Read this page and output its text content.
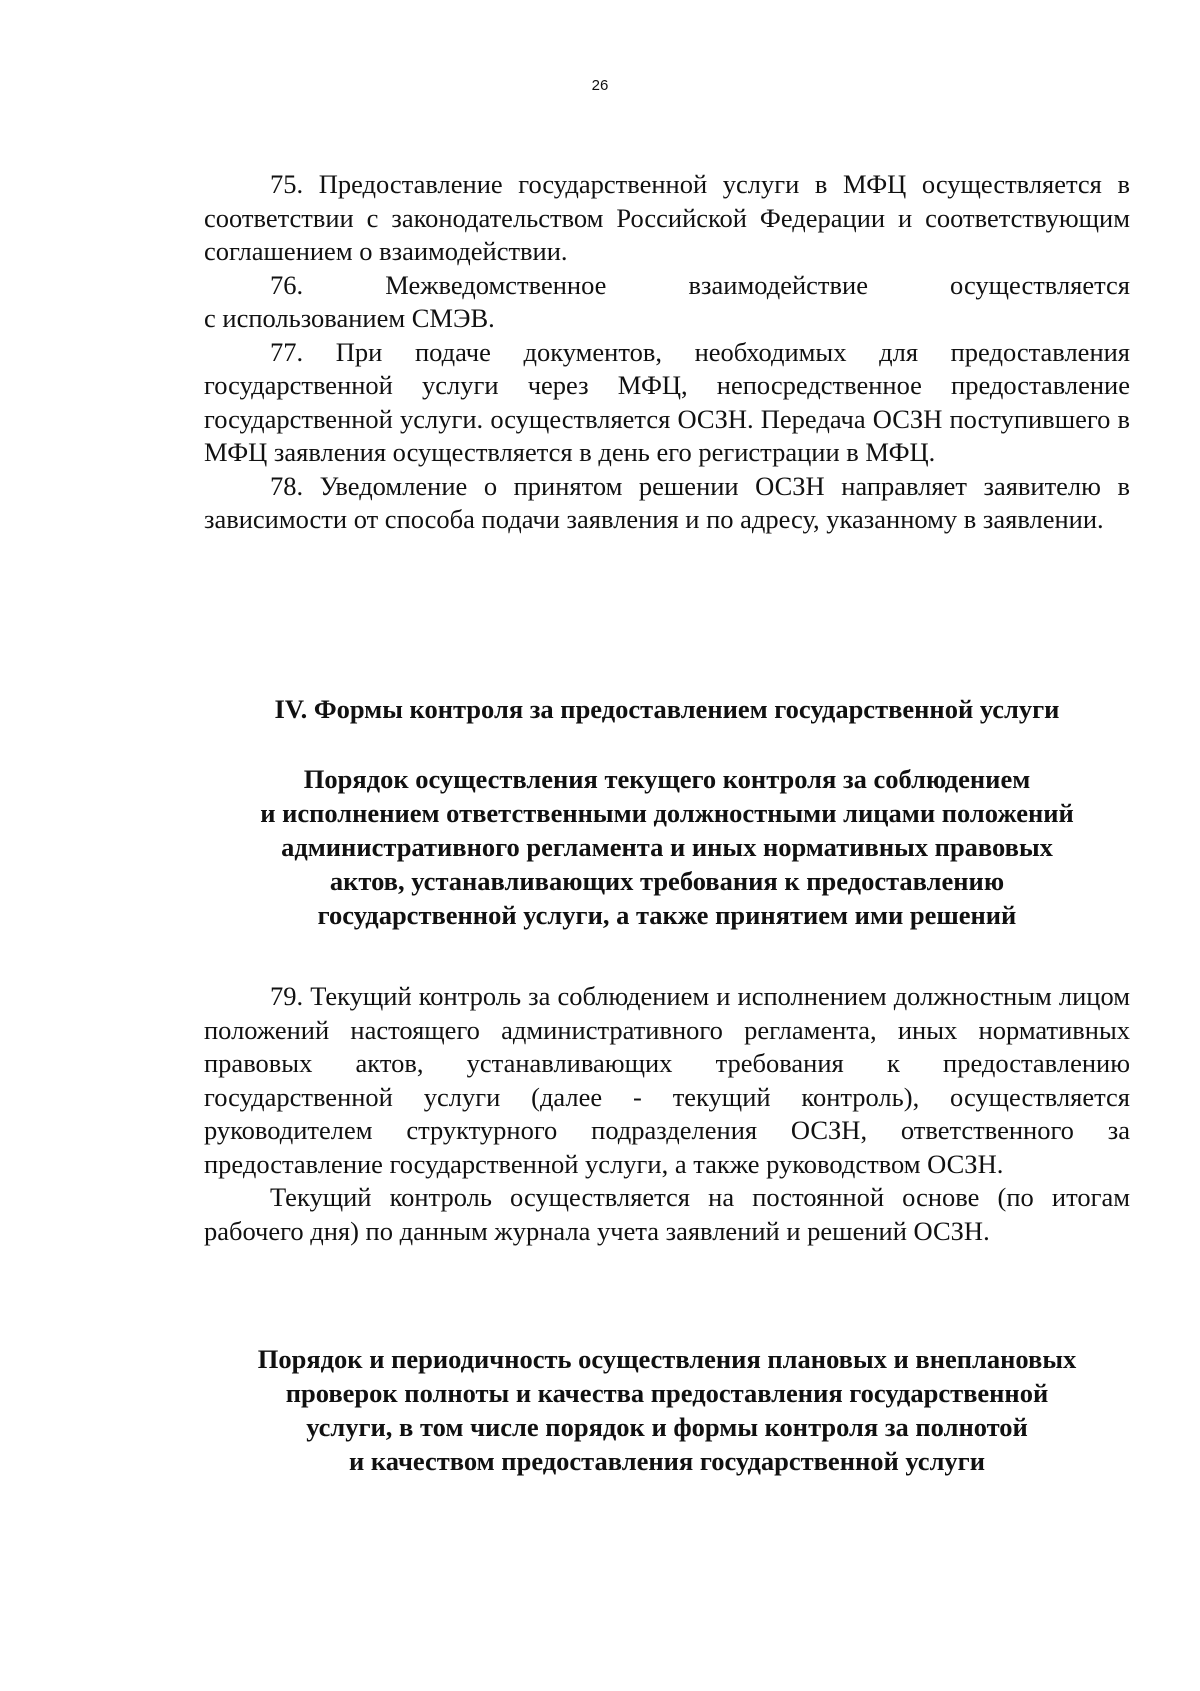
26

75. Предоставление государственной услуги в МФЦ осуществляется в соответствии с законодательством Российской Федерации и соответствующим соглашением о взаимодействии.

76. Межведомственное взаимодействие осуществляется

с использованием СМЭВ.

77. При подаче документов, необходимых для предоставления государственной услуги через МФЦ, непосредственное предоставление государственной услуги. осуществляется ОСЗН. Передача ОСЗН поступившего в МФЦ заявления осуществляется в день его регистрации в МФЦ.

78. Уведомление о принятом решении ОСЗН направляет заявителю в зависимости от способа подачи заявления и по адресу, указанному в заявлении.

IV. Формы контроля за предоставлением государственной услуги

Порядок осуществления текущего контроля за соблюдением
и исполнением ответственными должностными лицами положений
административного регламента и иных нормативных правовых
актов, устанавливающих требования к предоставлению
государственной услуги, а также принятием ими решений

79. Текущий контроль за соблюдением и исполнением должностным лицом положений настоящего административного регламента, иных нормативных правовых актов, устанавливающих требования к предоставлению государственной услуги (далее - текущий контроль), осуществляется руководителем структурного подразделения ОСЗН, ответственного за предоставление государственной услуги, а также руководством ОСЗН.

Текущий контроль осуществляется на постоянной основе (по итогам рабочего дня) по данным журнала учета заявлений и решений ОСЗН.

Порядок и периодичность осуществления плановых и внеплановых
проверок полноты и качества предоставления государственной
услуги, в том числе порядок и формы контроля за полнотой
и качеством предоставления государственной услуги
